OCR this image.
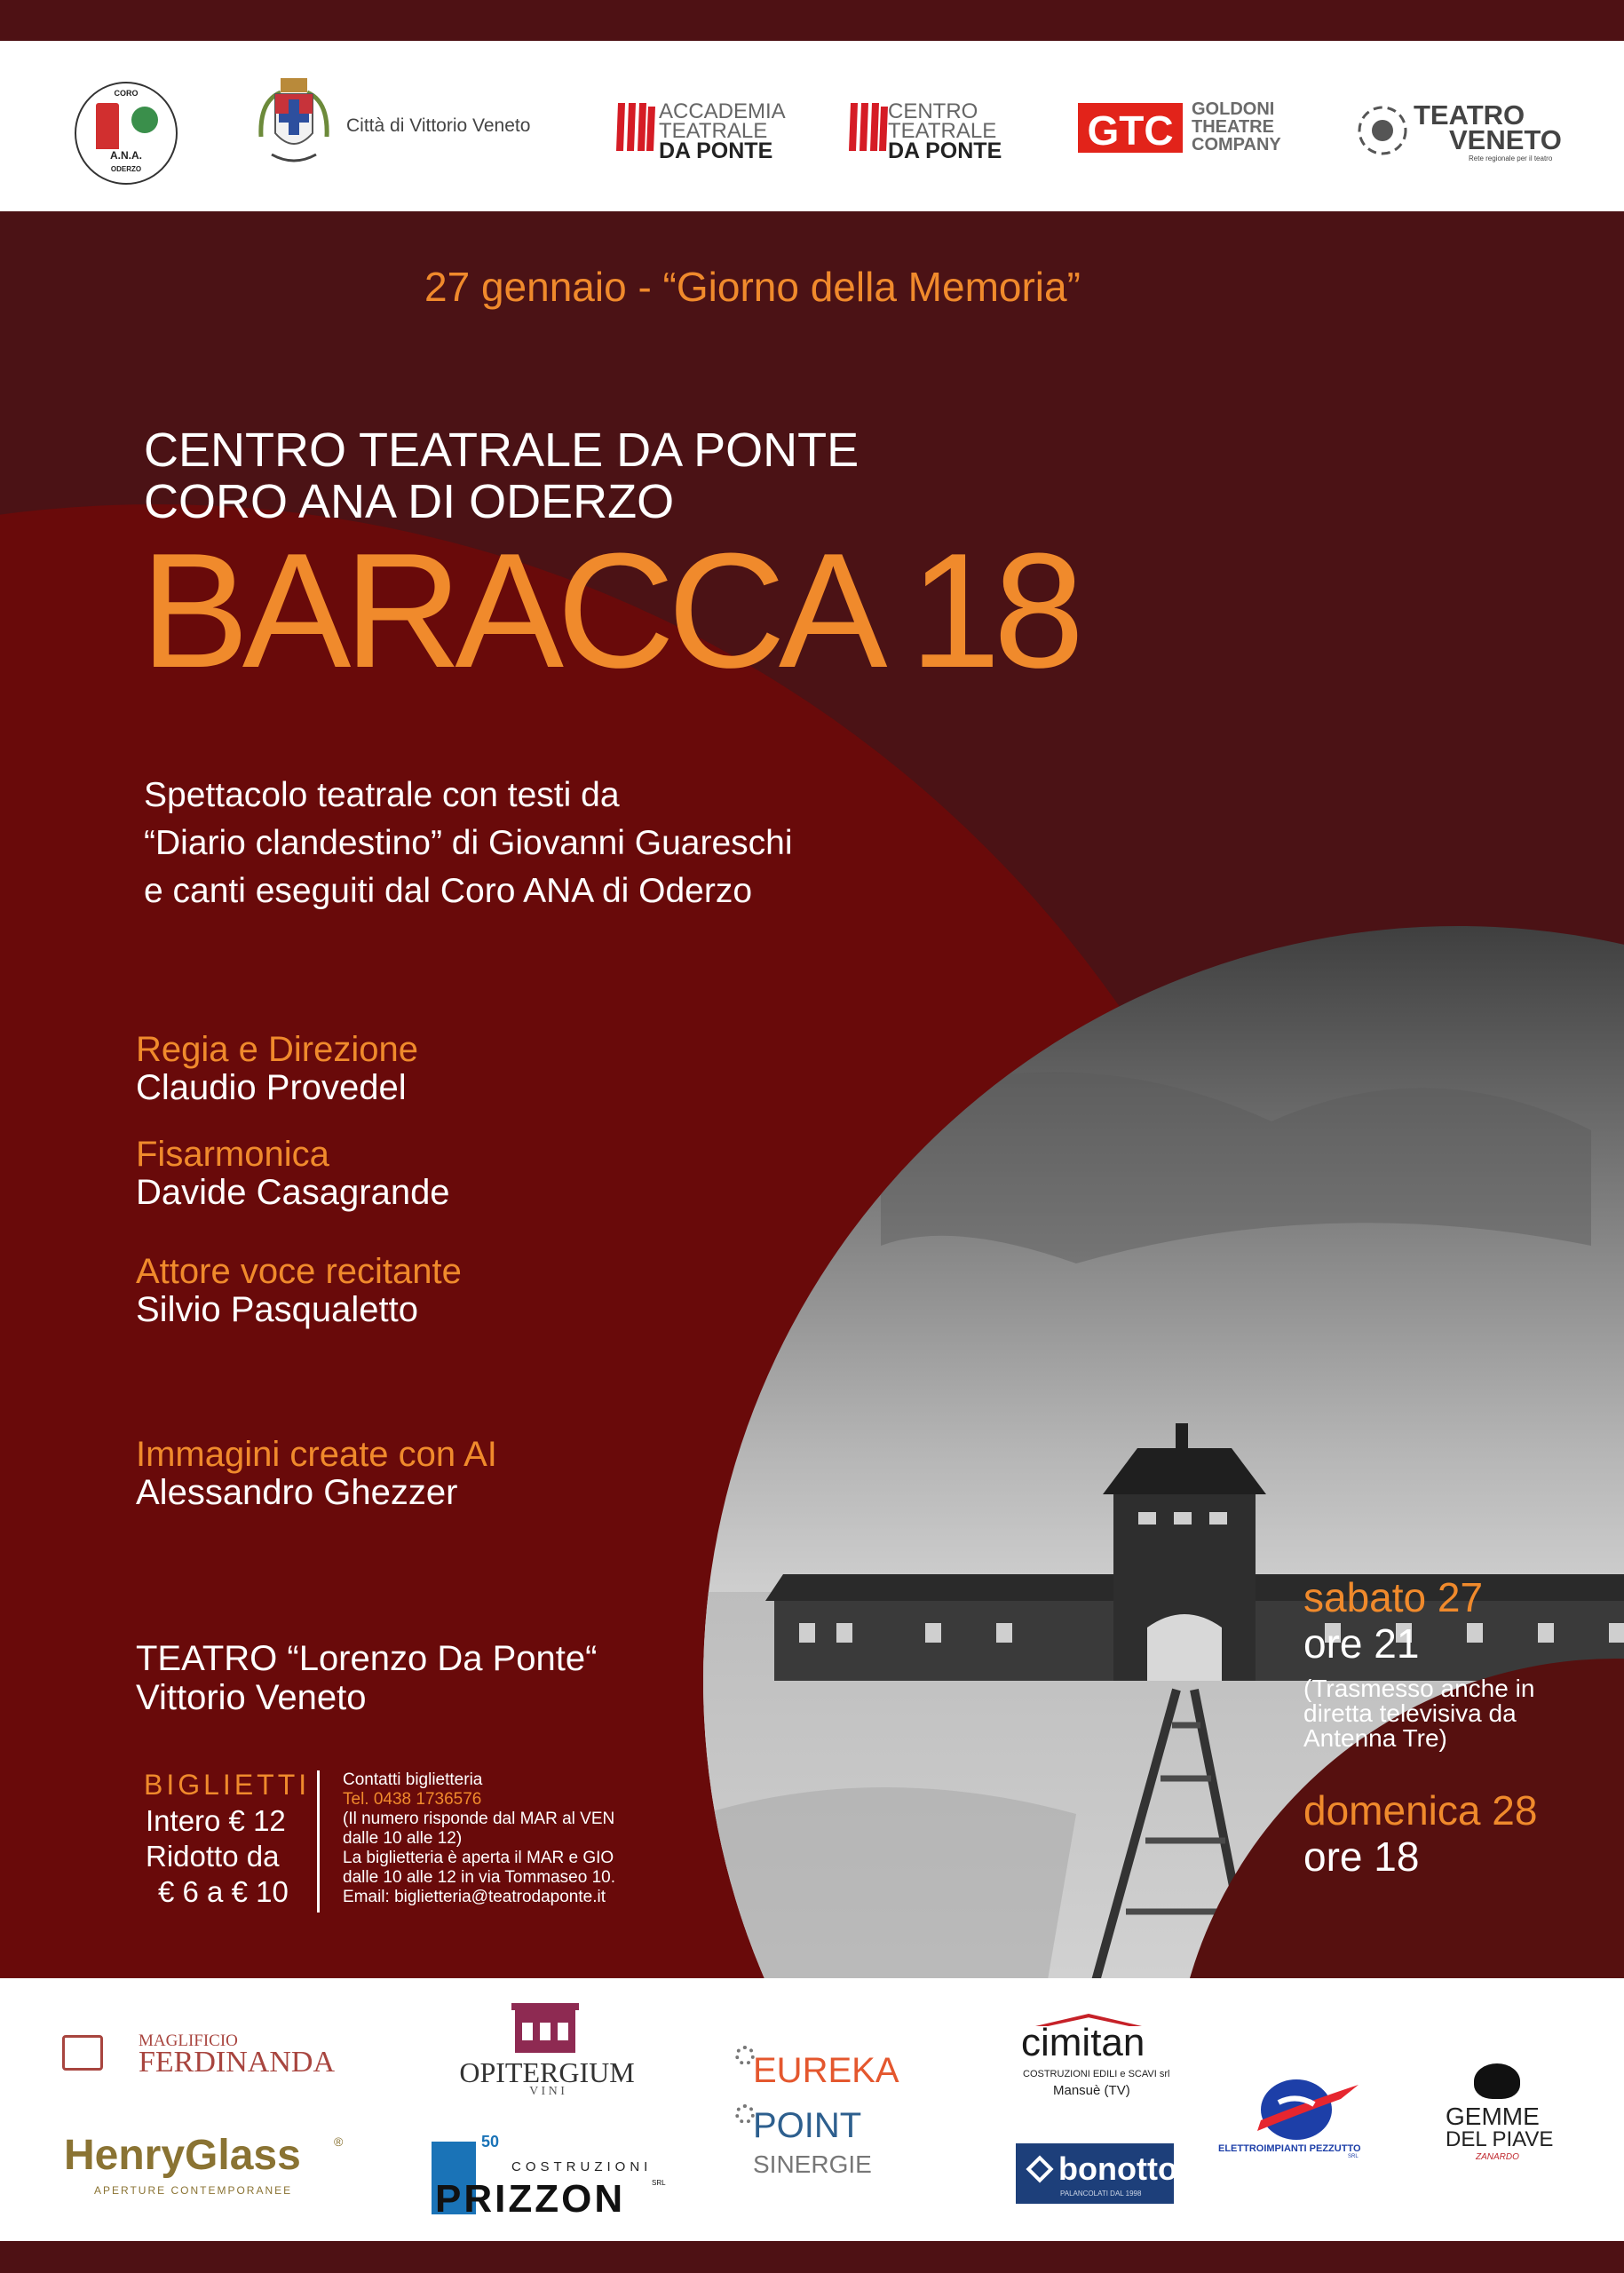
CORO
A.N.A.
ODERZO
Città di Vittorio Veneto
ACCADEMIA
TEATRALE
DA PONTE
CENTRO
TEATRALE
DA PONTE GTC	GOLDONI
THEATRE
COMPANY
TEATRO
VENETO
Rete regionale per il teatro
27 gennaio - “Giorno della Memoria”
CENTRO TEATRALE DA PONTE
CORO ANA DI ODERZO
BARACCA 18
Spettacolo teatrale con testi da
“Diario clandestino” di Giovanni Guareschi
e canti eseguiti dal Coro ANA di Oderzo
Regia e Direzione
Claudio Provedel
Fisarmonica
Davide Casagrande
Attore voce recitante
Silvio Pasqualetto
Immagini create con AI
Alessandro Ghezzer
TEATRO “Lorenzo Da Ponte“
Vittorio Veneto
BIGLIETTI
Intero € 12
Ridotto da
€ 6 a € 10
Contatti biglietteria
Tel. 0438 1736576
(Il numero risponde dal MAR al VEN
dalle 10 alle 12)
La biglietteria è aperta il MAR e GIO
dalle 10 alle 12 in via Tommaseo 10.
Email: biglietteria@teatrodaponte.it
sabato 27
ore 21
(Trasmesso anche in
diretta televisiva da
Antenna Tre)
domenica 28
ore 18
MAGLIFICIO
FERDINANDA	OPITERGIUM
V I N I
EUREKA
POINT
SINERGIE
cimitan
COSTRUZIONI EDILI e SCAVI srl
Mansuè (TV)
ELETTROIMPIANTI PEZZUTTO
SRL
GEMME
DEL PIAVE
ZANARDO
HenryGlass	®
APERTURE CONTEMPORANEE
50
COSTRUZIONI
PRIZZON	SRL	bonotto
PALANCOLATI DAL 1998
